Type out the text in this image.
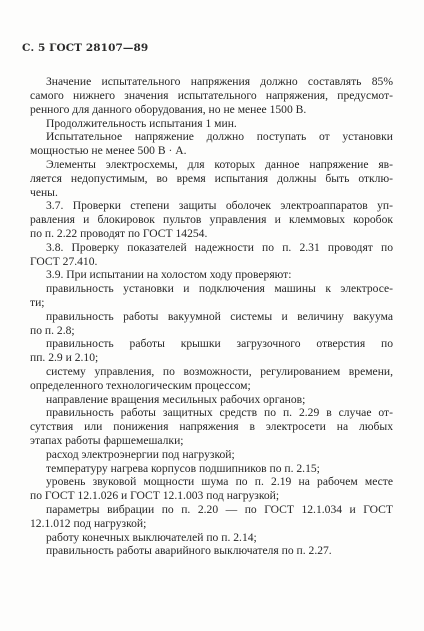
С. 5 ГОСТ 28107—89
Значение испытательного напряжения должно составлять 85%
самого нижнего значения испытательного напряжения, предусмот-
ренного для данного оборудования, но не менее 1500 В.
Продолжительность испытания 1 мин.
Испытательное напряжение должно поступать от установки
мощностью не менее 500 В · А.
Элементы электросхемы, для которых данное напряжение яв-
ляется недопустимым, во время испытания должны быть отклю-
чены.
3.7. Проверки степени защиты оболочек электроаппаратов уп-
равления и блокировок пультов управления и клеммовых коробок
по п. 2.22 проводят по ГОСТ 14254.
3.8. Проверку показателей надежности по п. 2.31 проводят по
ГОСТ 27.410.
3.9. При испытании на холостом ходу проверяют:
правильность установки и подключения машины к электросе-
ти;
правильность работы вакуумной системы и величину вакуума
по п. 2.8;
правильность работы крышки загрузочного отверстия по
пп. 2.9 и 2.10;
систему управления, по возможности, регулированием времени,
определенного технологическим процессом;
направление вращения месильных рабочих органов;
правильность работы защитных средств по п. 2.29 в случае от-
сутствия или понижения напряжения в электросети на любых
этапах работы фаршемешалки;
расход электроэнергии под нагрузкой;
температуру нагрева корпусов подшипников по п. 2.15;
уровень звуковой мощности шума по п. 2.19 на рабочем месте
по ГОСТ 12.1.026 и ГОСТ 12.1.003 под нагрузкой;
параметры вибрации по п. 2.20 — по ГОСТ 12.1.034 и ГОСТ
12.1.012 под нагрузкой;
работу конечных выключателей по п. 2.14;
правильность работы аварийного выключателя по п. 2.27.
